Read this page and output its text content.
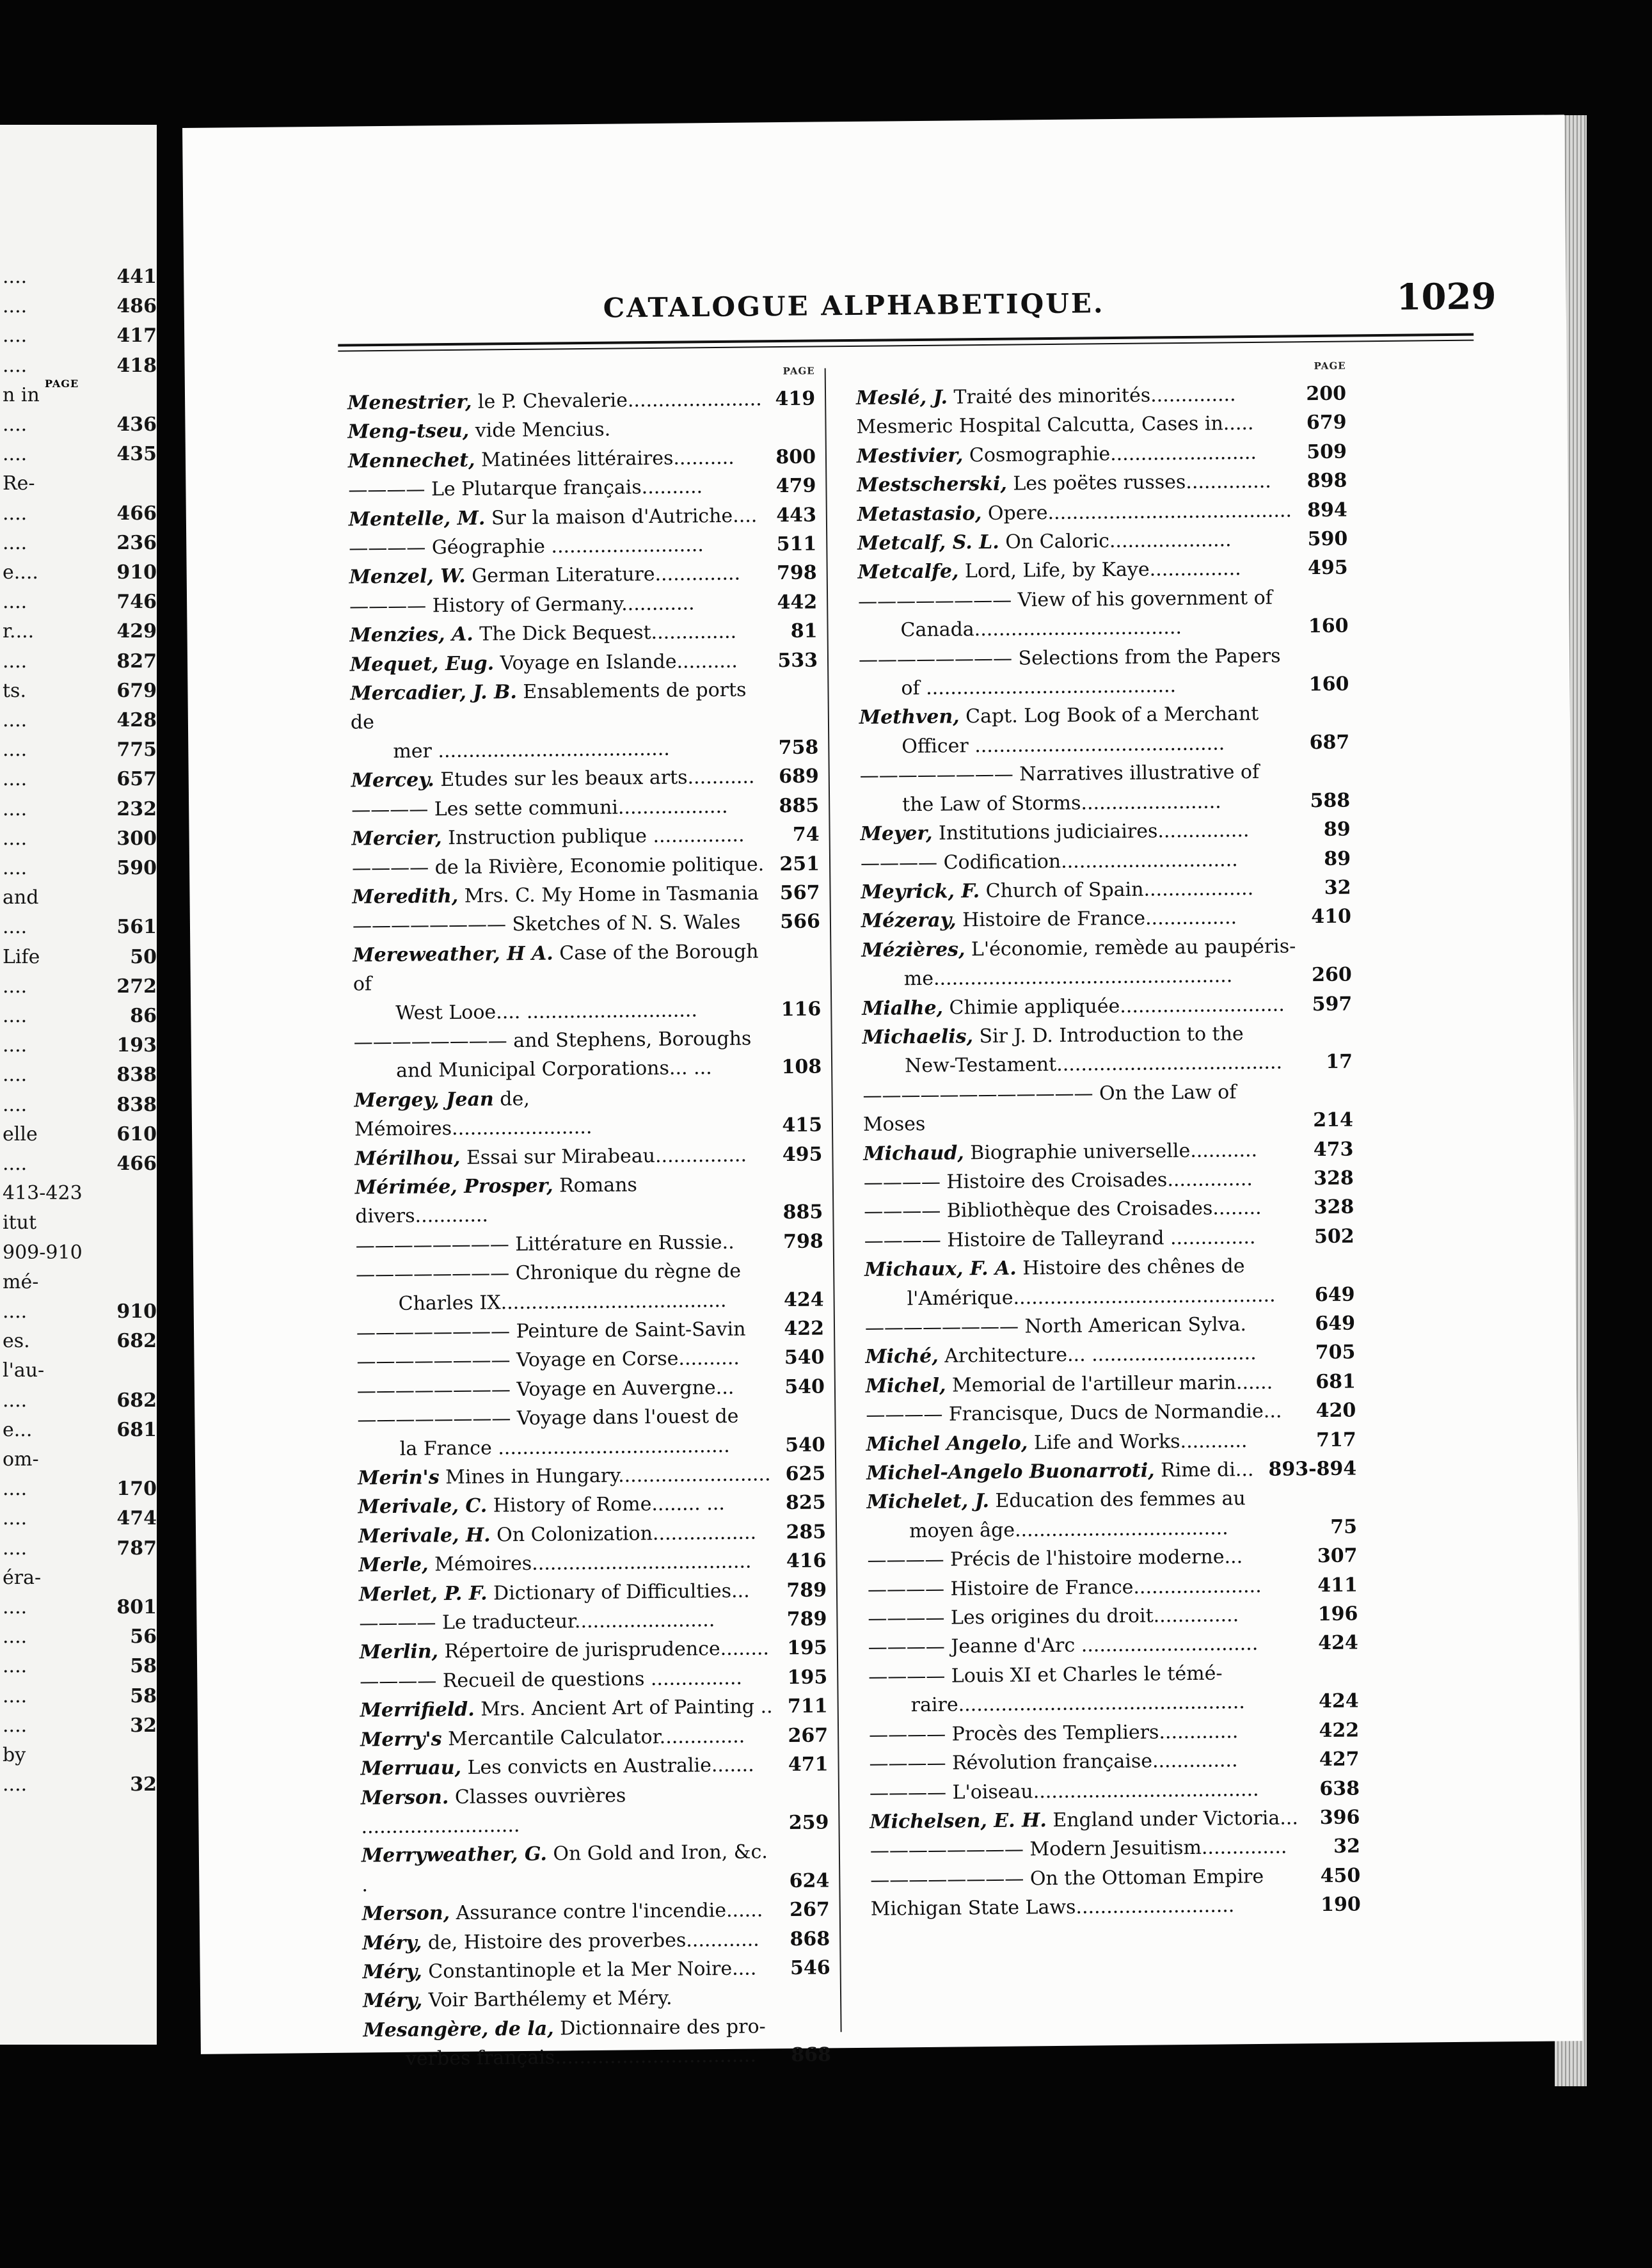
PAGE
....	441
....	486
....	417
....	418
n in
....	436
....	435
Re-
....	466
....	236
e....	910
....	746
r....	429
....	827
ts.	679
....	428
....	775
....	657
....	232
....	300
....	590
and
....	561
Life	50
....	272
....	86
....	193
....	838
....	838
elle	610
....	466
413-423
itut
909-910
mé-
....	910
es.	682
l'au-
....	682
e...	681
om-
....	170
....	474
....	787
éra-
....	801
....	56
....	58
....	58
....	32
by
....	32
CATALOGUE ALPHABETIQUE.	1029
PAGE
Menestrier, le P. Chevalerie...................... 419
Meng-tseu, vide Mencius.
Mennechet, Matinées littéraires.......... 800
———— Le Plutarque français..........	479
Mentelle, M. Sur la maison d'Autriche.... 443
———— Géographie .........................	511
Menzel, W. German Literature.............. 798
———— History of Germany............	442
Menzies, A. The Dick Bequest..............	81
Mequet, Eug. Voyage en Islande.......... 533
Mercadier, J. B. Ensablements de ports de
mer ......................................	758
Mercey. Etudes sur les beaux arts........... 689
———— Les sette communi..................	885
Mercier, Instruction publique ...............	74
———— de la Rivière, Economie politique. 251
Meredith, Mrs. C. My Home in Tasmania 567
———————— Sketches of N. S. Wales 566
Mereweather, H A. Case of the Borough of
West Looe.... ............................	116
———————— and Stephens, Boroughs
and Municipal Corporations... ...	108
Mergey, Jean de, Mémoires.......................	415
Mérilhou, Essai sur Mirabeau............... 495
Mérimée, Prosper, Romans divers............	885
———————— Littérature en Russie..	798
———————— Chronique du règne de
Charles IX.....................................	424
———————— Peinture de Saint-Savin 422
———————— Voyage en Corse.......... 540
———————— Voyage en Auvergne...	540
———————— Voyage dans l'ouest de
la France ......................................	540
Merin's Mines in Hungary......................... 625
Merivale, C. History of Rome........ ...	825
Merivale, H. On Colonization................. 285
Merle, Mémoires.................................... 416
Merlet, P. F. Dictionary of Difficulties... 789
———— Le traducteur.......................	789
Merlin, Répertoire de jurisprudence........ 195
———— Recueil de questions ............... 195
Merrifield. Mrs. Ancient Art of Painting .. 711
Merry's Mercantile Calculator.............. 267
Merruau, Les convicts en Australie....... 471
Merson. Classes ouvrières ..........................	259
Merryweather, G. On Gold and Iron, &c. .	624
Merson, Assurance contre l'incendie...... 267
Méry, de, Histoire des proverbes............ 868
Méry, Constantinople et la Mer Noire.... 546
Méry, Voir Barthélemy et Méry.
Mesangère, de la, Dictionnaire des pro-
verbes français................................. 868
PAGE
Meslé, J. Traité des minorités..............	200
Mesmeric Hospital Calcutta, Cases in.....	679
Mestivier, Cosmographie........................	509
Mestscherski, Les poëtes russes.............. 898
Metastasio, Opere........................................ 894
Metcalf, S. L. On Caloric....................	590
Metcalfe, Lord, Life, by Kaye...............	495
———————— View of his government of
Canada..................................	160
———————— Selections from the Papers
of .........................................	160
Methven, Capt. Log Book of a Merchant
Officer .........................................	687
———————— Narratives illustrative of
the Law of Storms.......................	588
Meyer, Institutions judiciaires...............	89
———— Codification.............................	89
Meyrick, F. Church of Spain..................	32
Mézeray, Histoire de France...............	410
Mézières, L'économie, remède au paupéris-
me.................................................	260
Mialhe, Chimie appliquée........................... 597
Michaelis, Sir J. D. Introduction to the
New-Testament..................................... 17
———————————— On the Law of Moses	214
Michaud, Biographie universelle...........	473
———— Histoire des Croisades..............	328
———— Bibliothèque des Croisades........	328
———— Histoire de Talleyrand ..............	502
Michaux, F. A. Histoire des chênes de
l'Amérique........................................... 649
———————— North American Sylva.	649
Miché, Architecture... ...........................	705
Michel, Memorial de l'artilleur marin...... 681
———— Francisque, Ducs de Normandie... 420
Michel Angelo, Life and Works...........	717
Michel-Angelo Buonarroti, Rime di... 893-894
Michelet, J. Education des femmes au
moyen âge...................................	75
———— Précis de l'histoire moderne...	307
———— Histoire de France.....................	411
———— Les origines du droit..............	196
———— Jeanne d'Arc .............................	424
———— Louis XI et Charles le témé-
raire...............................................	424
———— Procès des Templiers.............	422
———— Révolution française..............	427
———— L'oiseau.....................................	638
Michelsen, E. H. England under Victoria... 396
———————— Modern Jesuitism.............. 32
———————— On the Ottoman Empire	450
Michigan State Laws..........................	190
